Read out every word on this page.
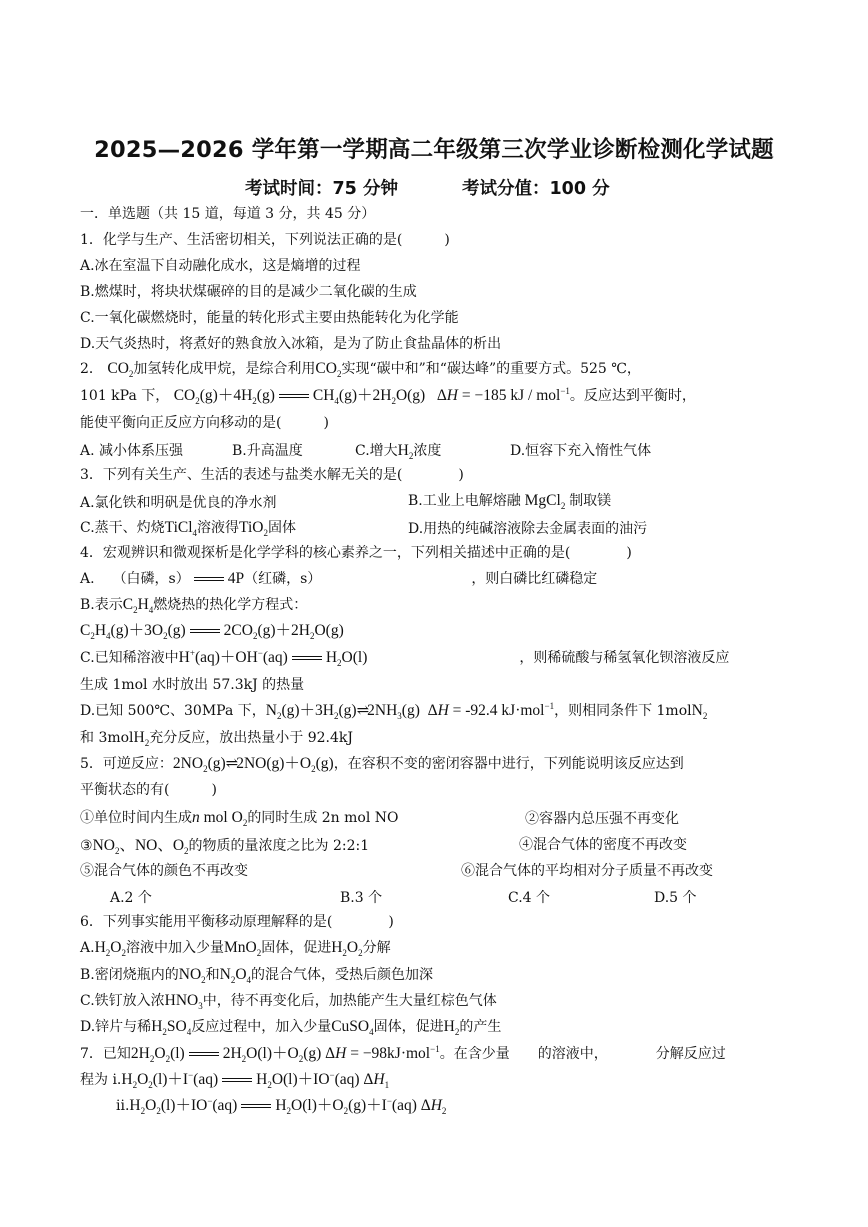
2025—2026 学年第一学期高二年级第三次学业诊断检测化学试题
考试时间：75 分钟	考试分值：100 分
一．单选题（共 15 道，每道 3 分，共 45 分）
1．化学与生产、生活密切相关，下列说法正确的是(　　　)
A.冰在室温下自动融化成水，这是熵增的过程
B.燃煤时，将块状煤碾碎的目的是减少二氧化碳的生成
C.一氧化碳燃烧时，能量的转化形式主要由热能转化为化学能
D.天气炎热时，将煮好的熟食放入冰箱，是为了防止食盐晶体的析出
2． $CO_2$加氢转化成甲烷，是综合利用$CO_2$实现“碳中和”和“碳达峰”的重要方式。525 ℃，
101 kPa 下， $CO_2(g)+4H_2(g)$ $CH_4(g)+2H_2O(g) \Delta H = -185$ kJ / mol$^{-1}$。反应达到平衡时，
能使平衡向正反应方向移动的是(　　　)
A. 减小体系压强	B.升高温度	C.增大$H_2$浓度	D.恒容下充入惰性气体
3．下列有关生产、生活的表述与盐类水解无关的是(　　　　)
A.氯化铁和明矾是优良的净水剂	B.工业上电解熔融 MgCl$_2$ 制取镁
C.蒸干、灼烧TiCl$_4$溶液得TiO$_2$固体	D.用热的纯碱溶液除去金属表面的油污
4．宏观辨识和微观探析是化学学科的核心素养之一，下列相关描述中正确的是(　　　　)
A. （白磷，s） 4P（红磷，s）	，则白磷比红磷稳定
B.表示$C_2H_4$燃烧热的热化学方程式：
$C_2H_4(g)+3O_2(g)$ $2CO_2(g)+2H_2O(g)$
C.已知稀溶液中H+(aq)＋OH−(aq) $H_2O(l)$	，则稀硫酸与稀氢氧化钡溶液反应
生成 1mol 水时放出 57.3kJ 的热量
D.已知 500℃、30MPa 下，$N_2(g)+3H_2(g)\rightleftharpoons 2NH_3(g) \Delta H = -92.4$ kJ·mol$^{-1}$，则相同条件下 1molN$_2$
和 3molH$_2$充分反应，放出热量小于 92.4kJ
5．可逆反应：$2NO_2(g)\rightleftharpoons 2NO(g)+O_2(g)$，在容积不变的密闭容器中进行，下列能说明该反应达到
平衡状态的有(　　　)
①单位时间内生成n mol $O_2$的同时生成 2n mol NO	②容器内总压强不再变化
$③NO_2$、NO、$O_2$的物质的量浓度之比为 2:2:1	④混合气体的密度不再改变
⑤混合气体的颜色不再改变	⑥混合气体的平均相对分子质量不再改变
A.2 个	B.3 个	C.4 个	D.5 个
6．下列事实能用平衡移动原理解释的是(　　　　)
$A.H_2O_2$溶液中加入少量MnO$_2$固体，促进$H_2O_2$分解
B.密闭烧瓶内的$NO_2$和$N_2O_4$的混合气体，受热后颜色加深
C.铁钉放入浓$HNO_3$中，待不再变化后，加热能产生大量红棕色气体
D.锌片与稀$H_2SO_4$反应过程中，加入少量CuSO$_4$固体，促进$H_2$的产生
7．已知$2H_2O_2(l)$ $2H_2O(l)+O_2(g) \Delta H = -98kJ\cdot mol^{-1}$。在含少量　　的溶液中，	分解反应过
程为 $i.H_2O_2(l)+I^-(aq)$ $H_2O(l)+IO^-(aq)$ $\Delta H_1$
$ii.H_2O_2(l)+IO^-(aq)$ $H_2O(l)+O_2(g)+I^-(aq)$ $\Delta H_2$
